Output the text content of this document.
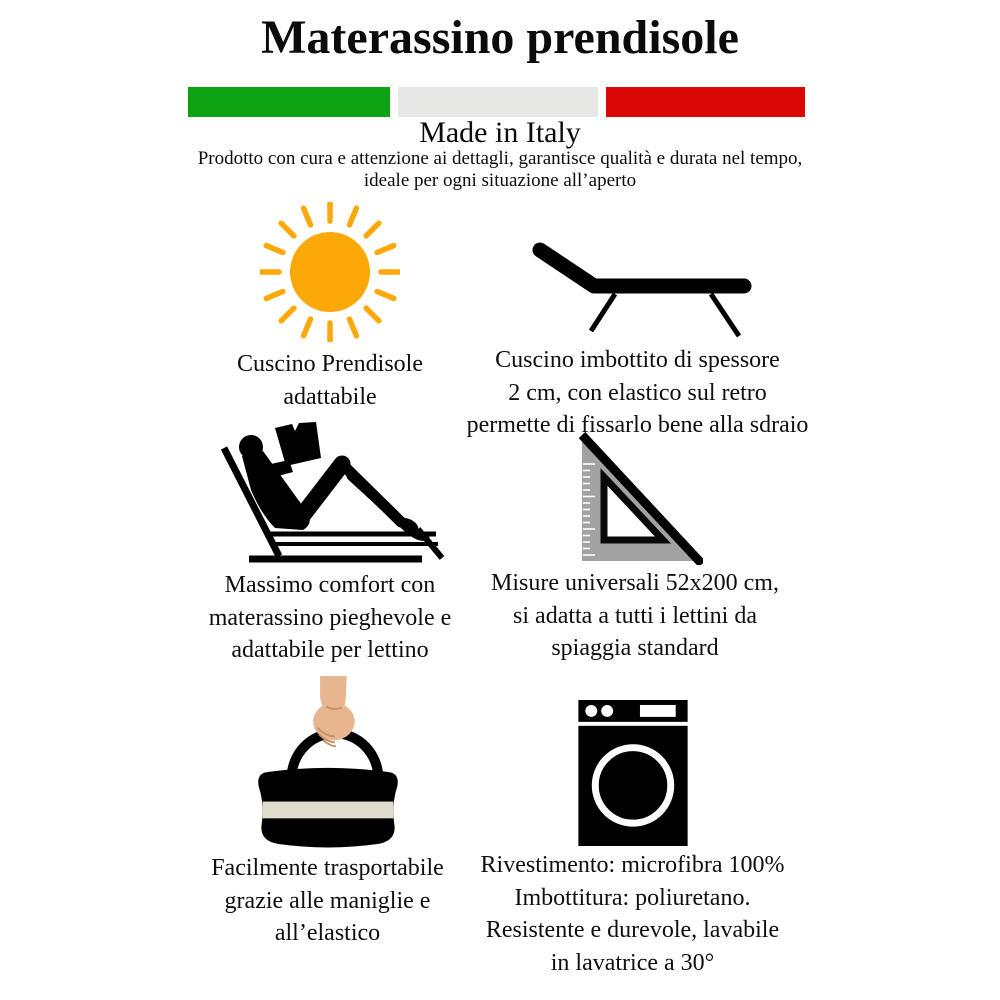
Materassino prendisole
Made in Italy
Prodotto con cura e attenzione ai dettagli, garantisce qualità e durata nel tempo,
ideale per ogni situazione all’aperto
Cuscino Prendisole
adattabile
Cuscino imbottito di spessore
2 cm, con elastico sul retro
permette di fissarlo bene alla sdraio
Massimo comfort con
materassino pieghevole e
adattabile per lettino
Misure universali 52x200 cm,
si adatta a tutti i lettini da
spiaggia standard
Facilmente trasportabile
grazie alle maniglie e
all’elastico
Rivestimento: microfibra 100%
Imbottitura: poliuretano.
Resistente e durevole, lavabile
in lavatrice a 30°
